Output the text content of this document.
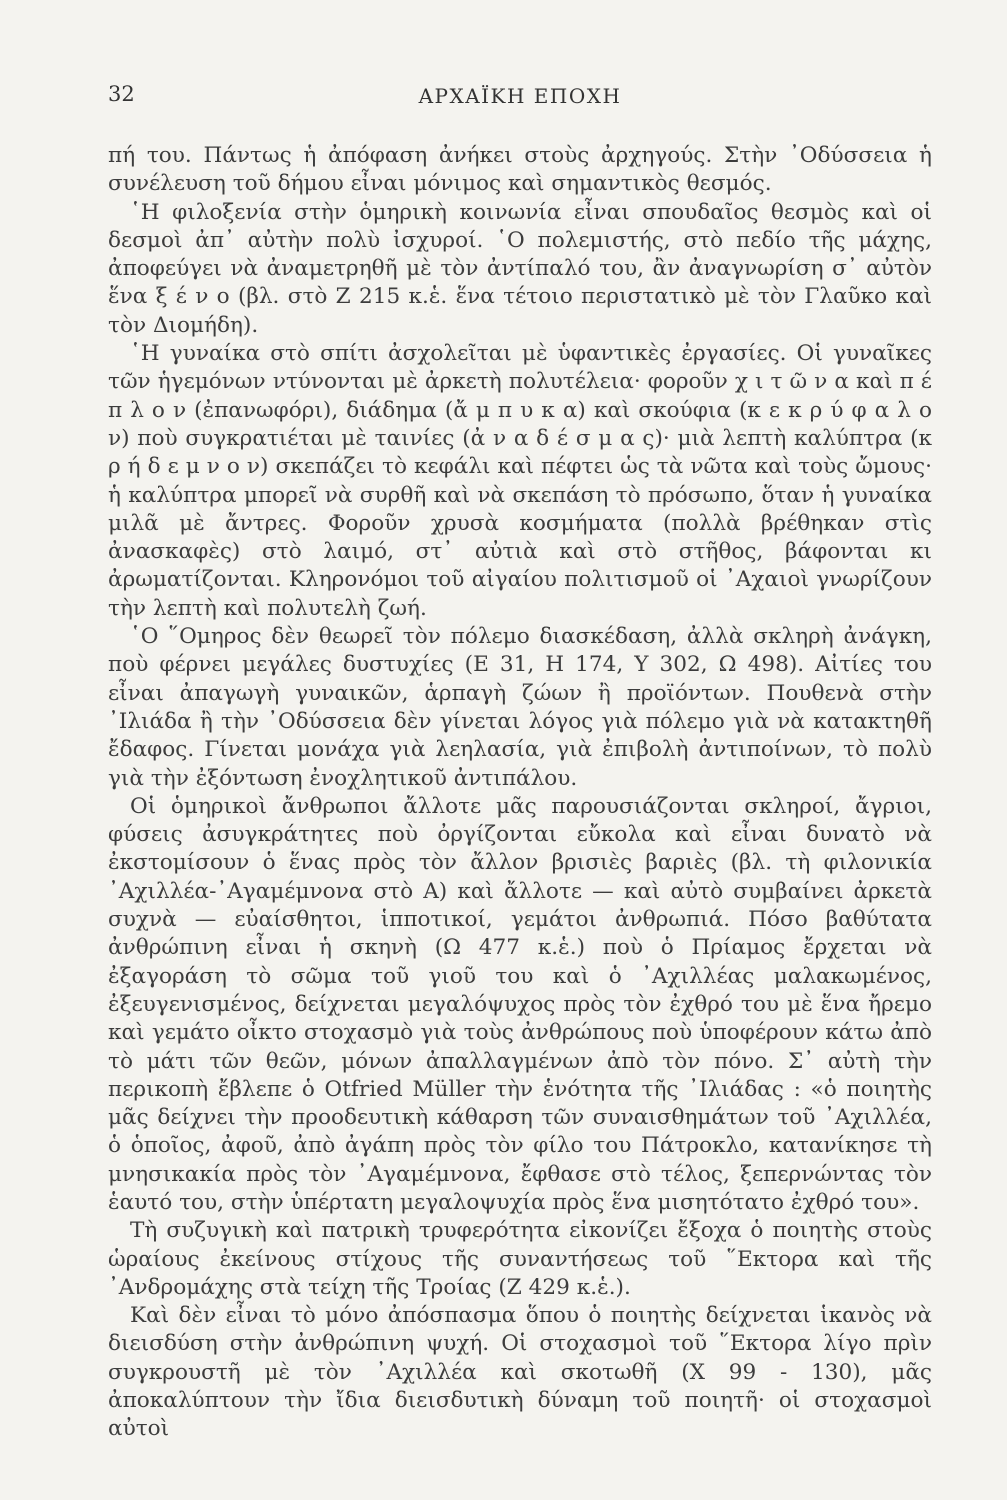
32	ΑΡΧΑΪΚΗ ΕΠΟΧΗ

πή του. Πάντως ἡ ἀπόφαση ἀνήκει στοὺς ἀρχηγούς. Στὴν ᾽Οδύσσεια ἡ συνέλευση τοῦ δήμου εἶναι μόνιμος καὶ σημαντικὸς θεσμός.

῾Η φιλοξενία στὴν ὁμηρικὴ κοινωνία εἶναι σπουδαῖος θεσμὸς καὶ οἱ δεσμοὶ ἀπ᾽ αὐτὴν πολὺ ἰσχυροί. ῾Ο πολεμιστής, στὸ πεδίο τῆς μάχης, ἀποφεύγει νὰ ἀναμετρηθῆ μὲ τὸν ἀντίπαλό του, ἂν ἀναγνωρίση σ᾽ αὐτὸν ἕνα ξ έ ν ο (βλ. στὸ Ζ 215 κ.ἑ. ἕνα τέτοιο περιστατικὸ μὲ τὸν Γλαῦκο καὶ τὸν Διομήδη).

῾Η γυναίκα στὸ σπίτι ἀσχολεῖται μὲ ὑφαντικὲς ἐργασίες. Οἱ γυναῖκες τῶν ἡγεμόνων ντύνονται μὲ ἀρκετὴ πολυτέλεια· φοροῦν χ ι τ ῶ ν α καὶ π έ π λ ο ν (ἐπανωφόρι), διάδημα (ἄ μ π υ κ α) καὶ σκούφια (κ ε κ ρ ύ φ α λ ο ν) ποὺ συγκρατιέται μὲ ταινίες (ἀ ν α δ έ σ μ α ς)· μιὰ λεπτὴ καλύπτρα (κ ρ ή δ ε μ ν ο ν) σκεπάζει τὸ κεφάλι καὶ πέφτει ὡς τὰ νῶτα καὶ τοὺς ὤμους· ἡ καλύπτρα μπορεῖ νὰ συρθῆ καὶ νὰ σκεπάση τὸ πρόσωπο, ὅταν ἡ γυναίκα μιλᾶ μὲ ἄντρες. Φοροῦν χρυσὰ κοσμήματα (πολλὰ βρέθηκαν στὶς ἀνασκαφὲς) στὸ λαιμό, στ᾽ αὐτιὰ καὶ στὸ στῆθος, βάφονται κι ἀρωματίζονται. Κληρονόμοι τοῦ αἰγαίου πολιτισμοῦ οἱ ᾽Αχαιοὶ γνωρίζουν τὴν λεπτὴ καὶ πολυτελὴ ζωή.

῾Ο ῞Ομηρος δὲν θεωρεῖ τὸν πόλεμο διασκέδαση, ἀλλὰ σκληρὴ ἀνάγκη, ποὺ φέρνει μεγάλες δυστυχίες (Ε 31, Η 174, Υ 302, Ω 498). Αἰτίες του εἶναι ἀπαγωγὴ γυναικῶν, ἁρπαγὴ ζώων ἢ προϊόντων. Πουθενὰ στὴν ᾽Ιλιάδα ἢ τὴν ᾽Οδύσσεια δὲν γίνεται λόγος γιὰ πόλεμο γιὰ νὰ κατακτηθῆ ἔδαφος. Γίνεται μονάχα γιὰ λεηλασία, γιὰ ἐπιβολὴ ἀντιποίνων, τὸ πολὺ γιὰ τὴν ἐξόντωση ἐνοχλητικοῦ ἀντιπάλου.

Οἱ ὁμηρικοὶ ἄνθρωποι ἄλλοτε μᾶς παρουσιάζονται σκληροί, ἄγριοι, φύσεις ἀσυγκράτητες ποὺ ὀργίζονται εὔκολα καὶ εἶναι δυνατὸ νὰ ἐκστομίσουν ὁ ἕνας πρὸς τὸν ἄλλον βρισιὲς βαριὲς (βλ. τὴ φιλονικία ᾽Αχιλλέα-᾽Αγαμέμνονα στὸ Α) καὶ ἄλλοτε — καὶ αὐτὸ συμβαίνει ἀρκετὰ συχνὰ — εὐαίσθητοι, ἱπποτικοί, γεμάτοι ἀνθρωπιά. Πόσο βαθύτατα ἀνθρώπινη εἶναι ἡ σκηνὴ (Ω 477 κ.ἑ.) ποὺ ὁ Πρίαμος ἔρχεται νὰ ἐξαγοράση τὸ σῶμα τοῦ γιοῦ του καὶ ὁ ᾽Αχιλλέας μαλακωμένος, ἐξευγενισμένος, δείχνεται μεγαλόψυχος πρὸς τὸν ἐχθρό του μὲ ἕνα ἤρεμο καὶ γεμάτο οἶκτο στοχασμὸ γιὰ τοὺς ἀνθρώπους ποὺ ὑποφέρουν κάτω ἀπὸ τὸ μάτι τῶν θεῶν, μόνων ἀπαλλαγμένων ἀπὸ τὸν πόνο. Σ᾽ αὐτὴ τὴν περικοπὴ ἔβλεπε ὁ Otfried Müller τὴν ἑνότητα τῆς ᾽Ιλιάδας : «ὁ ποιητὴς μᾶς δείχνει τὴν προοδευτικὴ κάθαρση τῶν συναισθημάτων τοῦ ᾽Αχιλλέα, ὁ ὁποῖος, ἀφοῦ, ἀπὸ ἀγάπη πρὸς τὸν φίλο του Πάτροκλο, κατανίκησε τὴ μνησικακία πρὸς τὸν ᾽Αγαμέμνονα, ἔφθασε στὸ τέλος, ξεπερνώντας τὸν ἑαυτό του, στὴν ὑπέρτατη μεγαλοψυχία πρὸς ἕνα μισητότατο ἐχθρό του».

Τὴ συζυγικὴ καὶ πατρικὴ τρυφερότητα εἰκονίζει ἔξοχα ὁ ποιητὴς στοὺς ὡραίους ἐκείνους στίχους τῆς συναντήσεως τοῦ ῞Εκτορα καὶ τῆς ᾽Ανδρομάχης στὰ τείχη τῆς Τροίας (Ζ 429 κ.ἑ.).

Καὶ δὲν εἶναι τὸ μόνο ἀπόσπασμα ὅπου ὁ ποιητὴς δείχνεται ἱκανὸς νὰ διεισδύση στὴν ἀνθρώπινη ψυχή. Οἱ στοχασμοὶ τοῦ ῞Εκτορα λίγο πρὶν συγκρουστῆ μὲ τὸν ᾽Αχιλλέα καὶ σκοτωθῆ (Χ 99 - 130), μᾶς ἀποκαλύπτουν τὴν ἴδια διεισδυτικὴ δύναμη τοῦ ποιητῆ· οἱ στοχασμοὶ αὐτοὶ
